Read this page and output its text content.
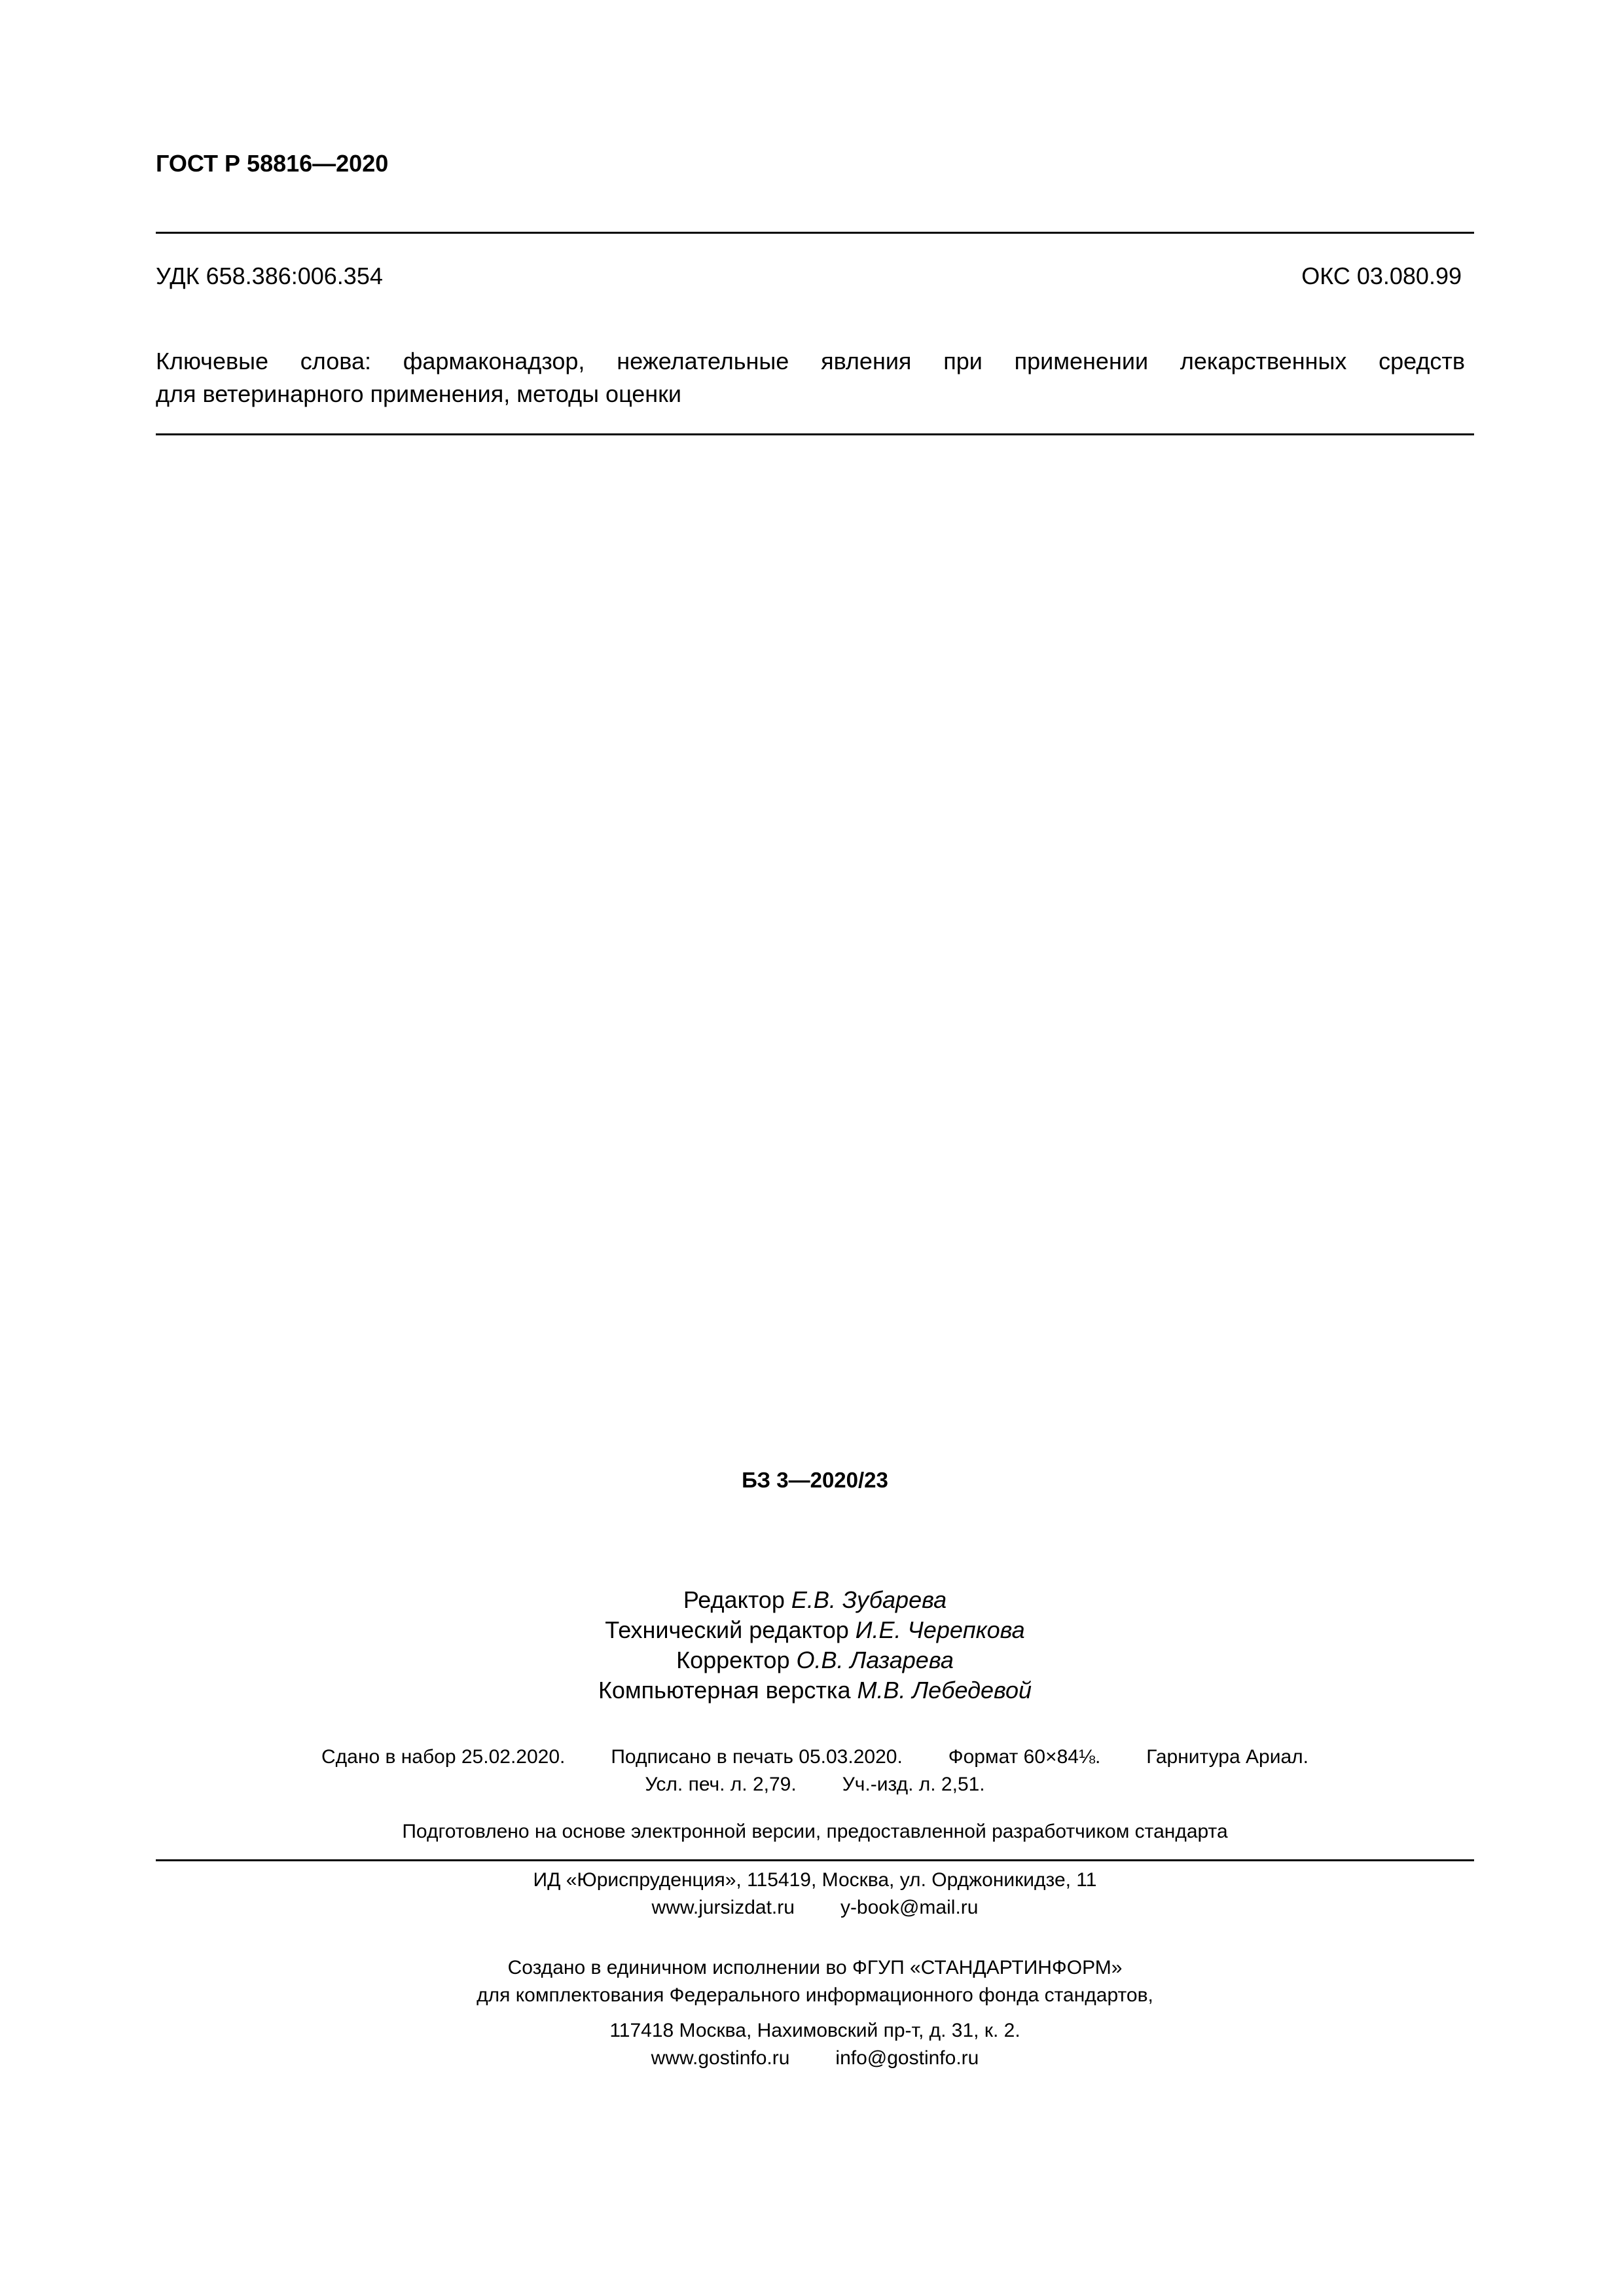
ГОСТ Р 58816—2020
УДК 658.386:006.354	ОКС 03.080.99
Ключевые слова: фармаконадзор, нежелательные явления при применении лекарственных средств
для ветеринарного применения, методы оценки
БЗ 3—2020/23
Редактор Е.В. Зубарева
Технический редактор И.Е. Черепкова
Корректор О.В. Лазарева
Компьютерная верстка М.В. Лебедевой
Сдано в набор 25.02.2020. Подписано в печать 05.03.2020. Формат 60×84⅛. Гарнитура Ариал.
Усл. печ. л. 2,79. Уч.-изд. л. 2,51.
Подготовлено на основе электронной версии, предоставленной разработчиком стандарта
ИД «Юриспруденция», 115419, Москва, ул. Орджоникидзе, 11
www.jursizdat.ru y-book@mail.ru
Создано в единичном исполнении во ФГУП «СТАНДАРТИНФОРМ»
для комплектования Федерального информационного фонда стандартов,
117418 Москва, Нахимовский пр-т, д. 31, к. 2.
www.gostinfo.ru info@gostinfo.ru
